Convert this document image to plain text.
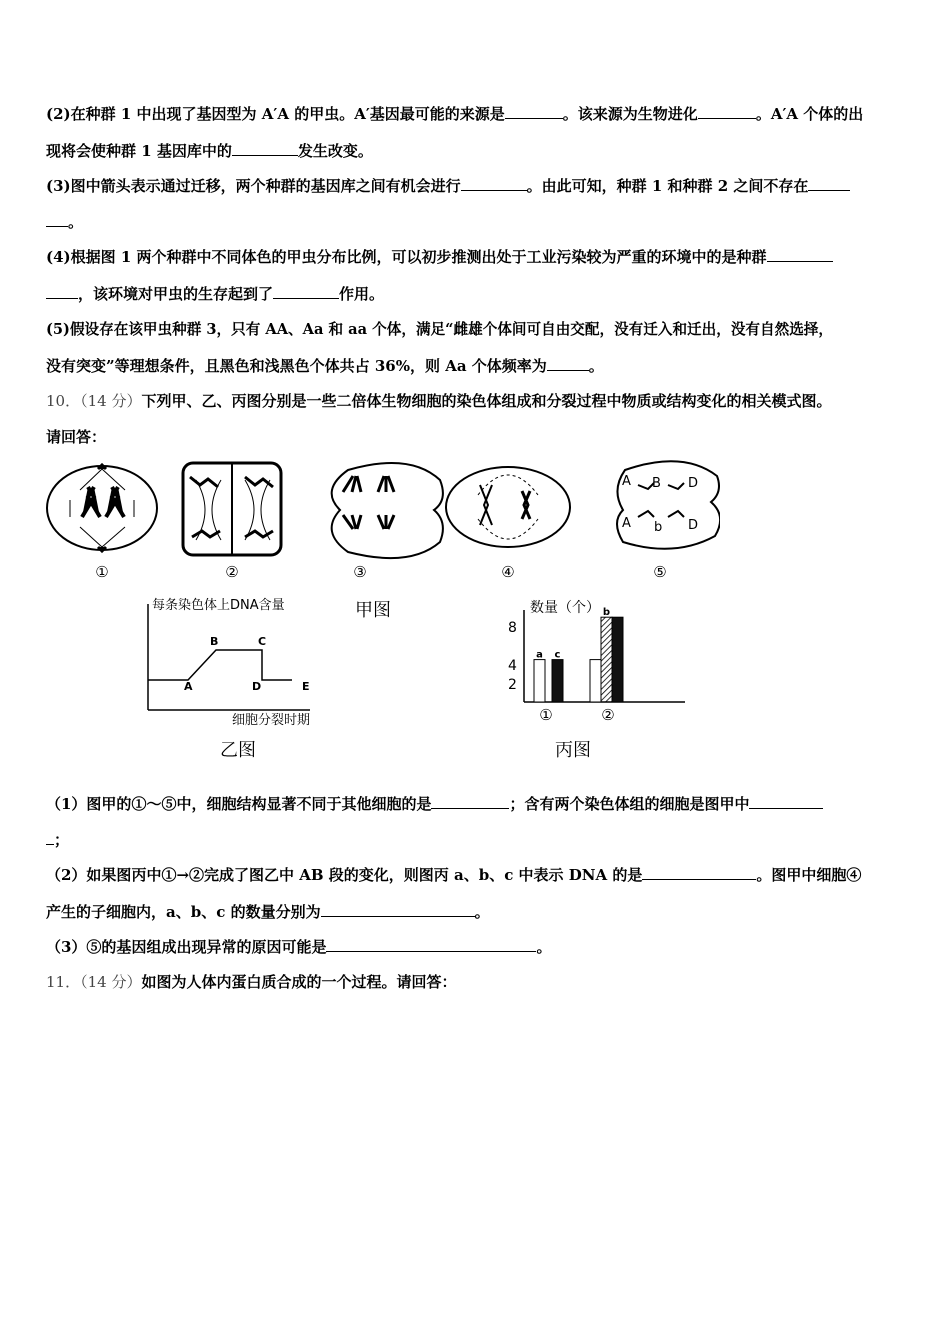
(2)在种群 1 中出现了基因型为 A′A 的甲虫。A′基因最可能的来源是	。该来源为生物进化	。A′A 个体的出
现将会使种群 1 基因库中的	发生改变。
(3)图中箭头表示通过迁移，两个种群的基因库之间有机会进行	。由此可知，种群 1 和种群 2 之间不存在
。
(4)根据图 1 两个种群中不同体色的甲虫分布比例，可以初步推测出处于工业污染较为严重的环境中的是种群
，该环境对甲虫的生存起到了	作用。
(5)假设存在该甲虫种群 3，只有 AA、Aa 和 aa 个体，满足“雌雄个体间可自由交配，没有迁入和迁出，没有自然选择，
没有突变”等理想条件，且黑色和浅黑色个体共占 36%，则 Aa 个体频率为	。
10．（14 分）下列甲、乙、丙图分别是一些二倍体生物细胞的染色体组成和分裂过程中物质或结构变化的相关模式图。
请回答：
A B D
A b D
①	②	③	④	⑤
甲图
每条染色体上DNA含量
细胞分裂时期
A
B	C
D	E
乙图
数量（个）
8
4
2
a c
b
①	②
丙图
（1）图甲的①～⑤中，细胞结构显著不同于其他细胞的是	；含有两个染色体组的细胞是图甲中
；
（2）如果图丙中①→②完成了图乙中 AB 段的变化，则图丙 a、b、c 中表示 DNA 的是	。图甲中细胞④
产生的子细胞内，a、b、c 的数量分别为	。
（3）⑤的基因组成出现异常的原因可能是	。
11．（14 分）如图为人体内蛋白质合成的一个过程。请回答：
